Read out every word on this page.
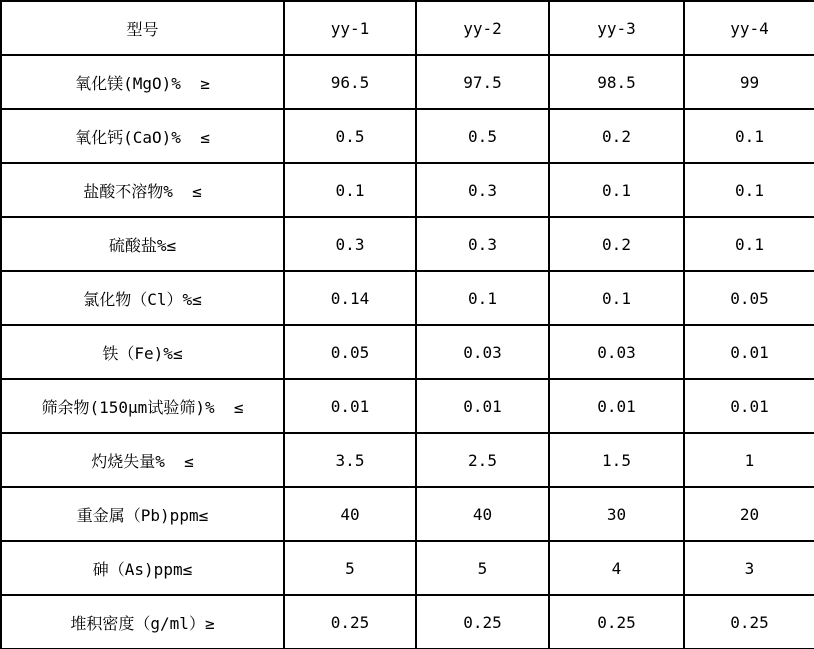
型号	yy-1	yy-2	yy-3	yy-4
氧化镁(MgO)%  ≥	96.5	97.5	98.5	99
氧化钙(CaO)%  ≤	0.5	0.5	0.2	0.1
盐酸不溶物%  ≤	0.1	0.3	0.1	0.1
硫酸盐%≤	0.3	0.3	0.2	0.1
氯化物（Cl）%≤	0.14	0.1	0.1	0.05
铁（Fe)%≤	0.05	0.03	0.03	0.01
筛余物(150μm试验筛)%  ≤	0.01	0.01	0.01	0.01
灼烧失量%  ≤	3.5	2.5	1.5	1
重金属（Pb)ppm≤	40	40	30	20
砷（As)ppm≤	5	5	4	3
堆积密度（g/ml）≥	0.25	0.25	0.25	0.25
